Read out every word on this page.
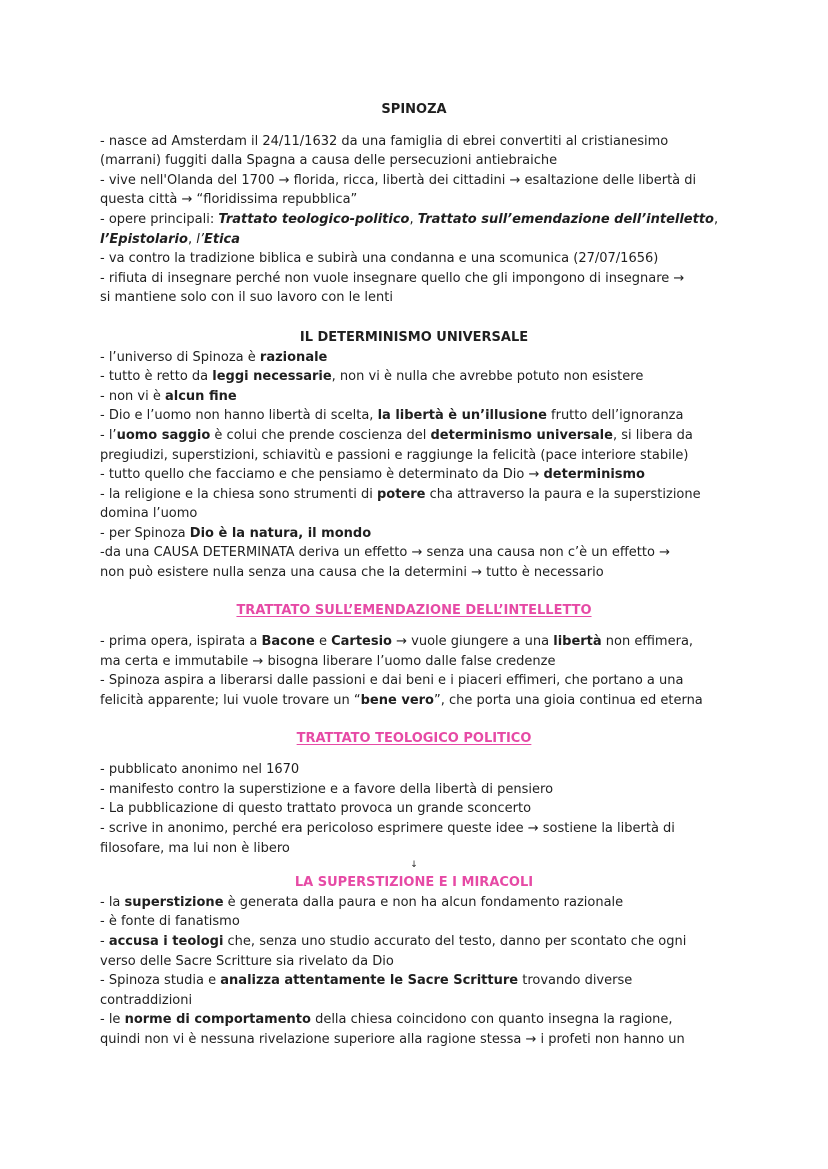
SPINOZA
- nasce ad Amsterdam il 24/11/1632 da una famiglia di ebrei convertiti al cristianesimo
(marrani) fuggiti dalla Spagna a causa delle persecuzioni antiebraiche
- vive nell'Olanda del 1700 → florida, ricca, libertà dei cittadini → esaltazione delle libertà di
questa città → “floridissima repubblica”
- opere principali: Trattato teologico-politico, Trattato sull’emendazione dell’intelletto,
l’Epistolario, l’Etica
- va contro la tradizione biblica e subirà una condanna e una scomunica (27/07/1656)
- rifiuta di insegnare perché non vuole insegnare quello che gli impongono di insegnare →
si mantiene solo con il suo lavoro con le lenti
IL DETERMINISMO UNIVERSALE
- l’universo di Spinoza è razionale
- tutto è retto da leggi necessarie, non vi è nulla che avrebbe potuto non esistere
- non vi è alcun fine
- Dio e l’uomo non hanno libertà di scelta, la libertà è un’illusione frutto dell’ignoranza
- l’uomo saggio è colui che prende coscienza del determinismo universale, si libera da
pregiudizi, superstizioni, schiavitù e passioni e raggiunge la felicità (pace interiore stabile)
- tutto quello che facciamo e che pensiamo è determinato da Dio → determinismo
- la religione e la chiesa sono strumenti di potere cha attraverso la paura e la superstizione
domina l’uomo
- per Spinoza Dio è la natura, il mondo
-da una CAUSA DETERMINATA deriva un effetto → senza una causa non c’è un effetto →
non può esistere nulla senza una causa che la determini → tutto è necessario
TRATTATO SULL’EMENDAZIONE DELL’INTELLETTO
- prima opera, ispirata a Bacone e Cartesio → vuole giungere a una libertà non effimera,
ma certa e immutabile → bisogna liberare l’uomo dalle false credenze
- Spinoza aspira a liberarsi dalle passioni e dai beni e i piaceri effimeri, che portano a una
felicità apparente; lui vuole trovare un “bene vero”, che porta una gioia continua ed eterna
TRATTATO TEOLOGICO POLITICO
- pubblicato anonimo nel 1670
- manifesto contro la superstizione e a favore della libertà di pensiero
- La pubblicazione di questo trattato provoca un grande sconcerto
- scrive in anonimo, perché era pericoloso esprimere queste idee → sostiene la libertà di
filosofare, ma lui non è libero
↓
LA SUPERSTIZIONE E I MIRACOLI
- la superstizione è generata dalla paura e non ha alcun fondamento razionale
- è fonte di fanatismo
- accusa i teologi che, senza uno studio accurato del testo, danno per scontato che ogni
verso delle Sacre Scritture sia rivelato da Dio
- Spinoza studia e analizza attentamente le Sacre Scritture trovando diverse
contraddizioni
- le norme di comportamento della chiesa coincidono con quanto insegna la ragione,
quindi non vi è nessuna rivelazione superiore alla ragione stessa → i profeti non hanno un
